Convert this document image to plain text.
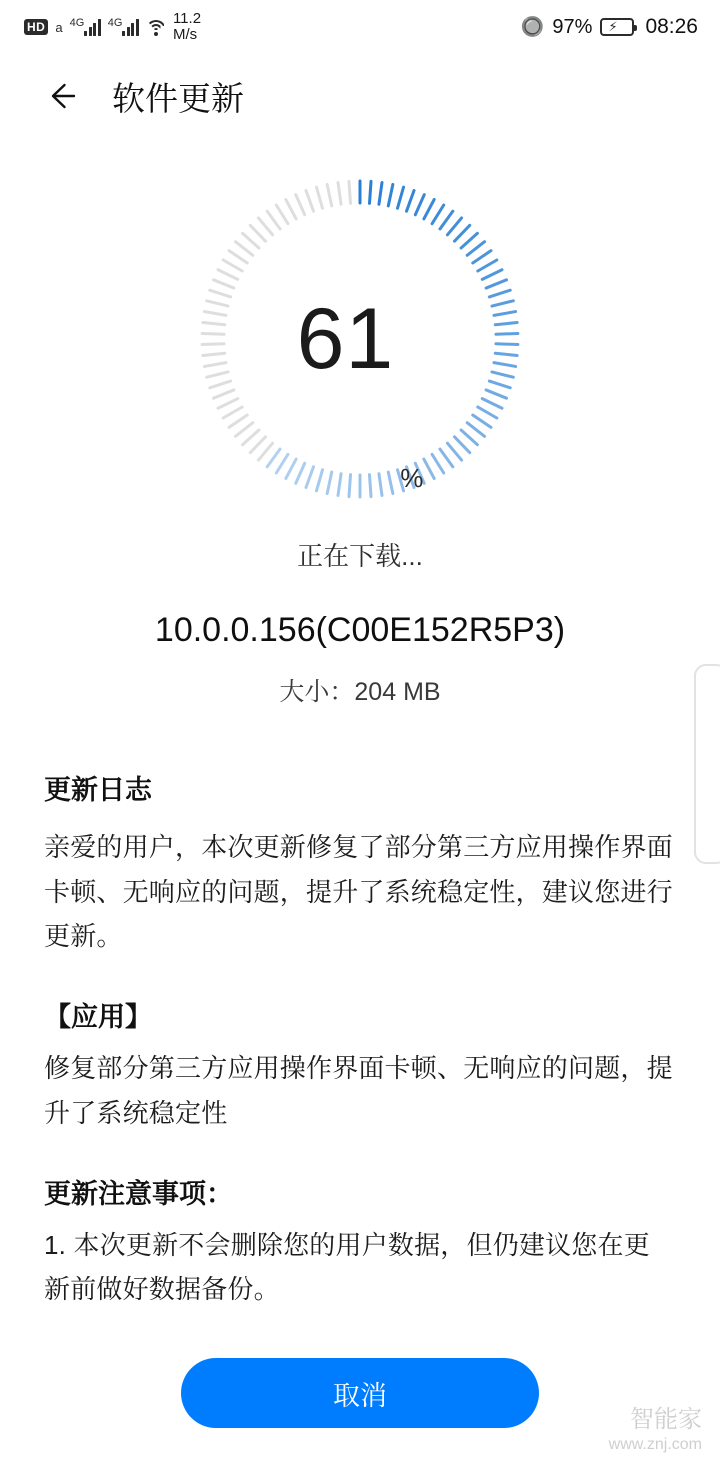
HD a 4G 4G	11.2
M/s	🔘 97% ⚡ 08:26
软件更新
61
%
正在下载...
10.0.0.156(C00E152R5P3)
大小：204 MB
更新日志
亲爱的用户，本次更新修复了部分第三方应用操作界面卡顿、无响应的问题，提升了系统稳定性，建议您进行更新。
【应用】
修复部分第三方应用操作界面卡顿、无响应的问题，提升了系统稳定性
更新注意事项：
1. 本次更新不会删除您的用户数据，但仍建议您在更新前做好数据备份。
取消
智能家
www.znj.com
